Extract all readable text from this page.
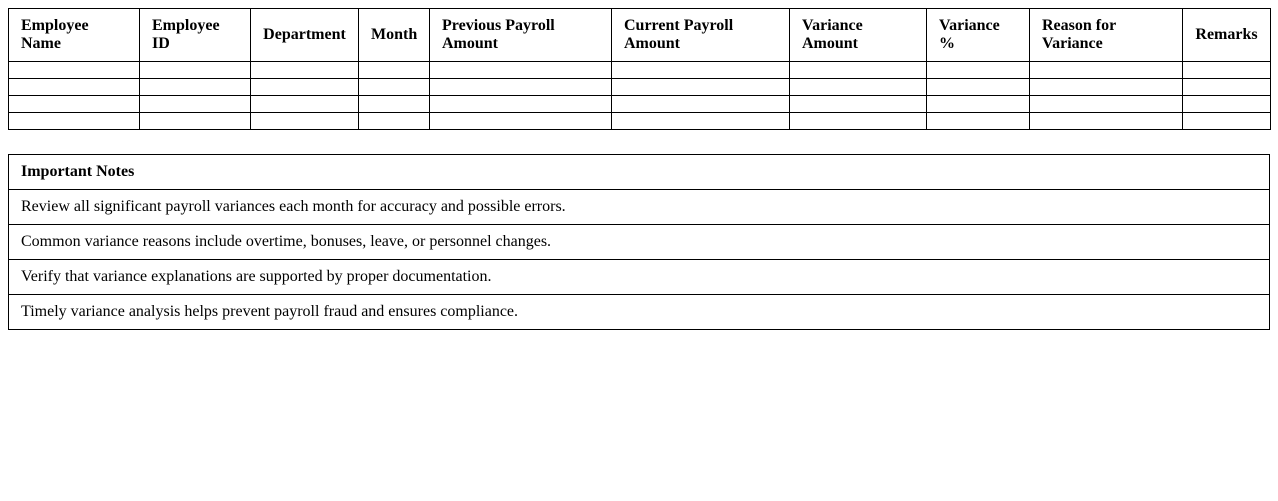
Employee Name	Employee ID	Department	Month	Previous Payroll Amount	Current Payroll Amount	Variance Amount	Variance %	Reason for Variance	Remarks

Important Notes
Review all significant payroll variances each month for accuracy and possible errors.
Common variance reasons include overtime, bonuses, leave, or personnel changes.
Verify that variance explanations are supported by proper documentation.
Timely variance analysis helps prevent payroll fraud and ensures compliance.
